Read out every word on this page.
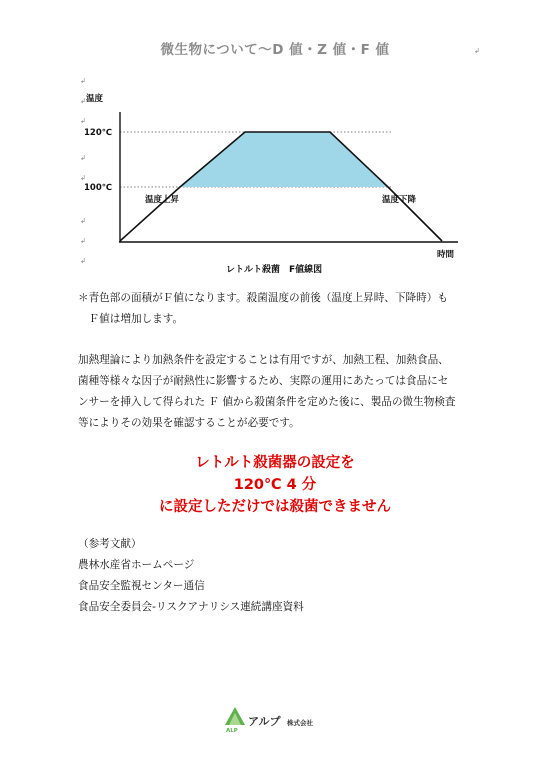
微生物について～D 値・Z 値・F 値
↲
↲
↲
↲
↲
↲
↲
↲
↲
温度
120℃
100℃
温度上昇	温度下降
時間
レトルト殺菌　F値線図
＊青色部の面積がＦ値になります。殺菌温度の前後（温度上昇時、下降時）も
　Ｆ値は増加します。
加熱理論により加熱条件を設定することは有用ですが、加熱工程、加熱食品、
菌種等様々な因子が耐熱性に影響するため、実際の運用にあたっては食品にセ
ンサーを挿入して得られた Ｆ 値から殺菌条件を定めた後に、製品の微生物検査
等によりその効果を確認することが必要です。
レトルト殺菌器の設定を
120℃ 4 分
に設定しただけでは殺菌できません
（参考文献）
農林水産省ホームページ
食品安全監視センター通信
食品安全委員会-リスクアナリシス連続講座資料
ALP
アルプ 株式会社
